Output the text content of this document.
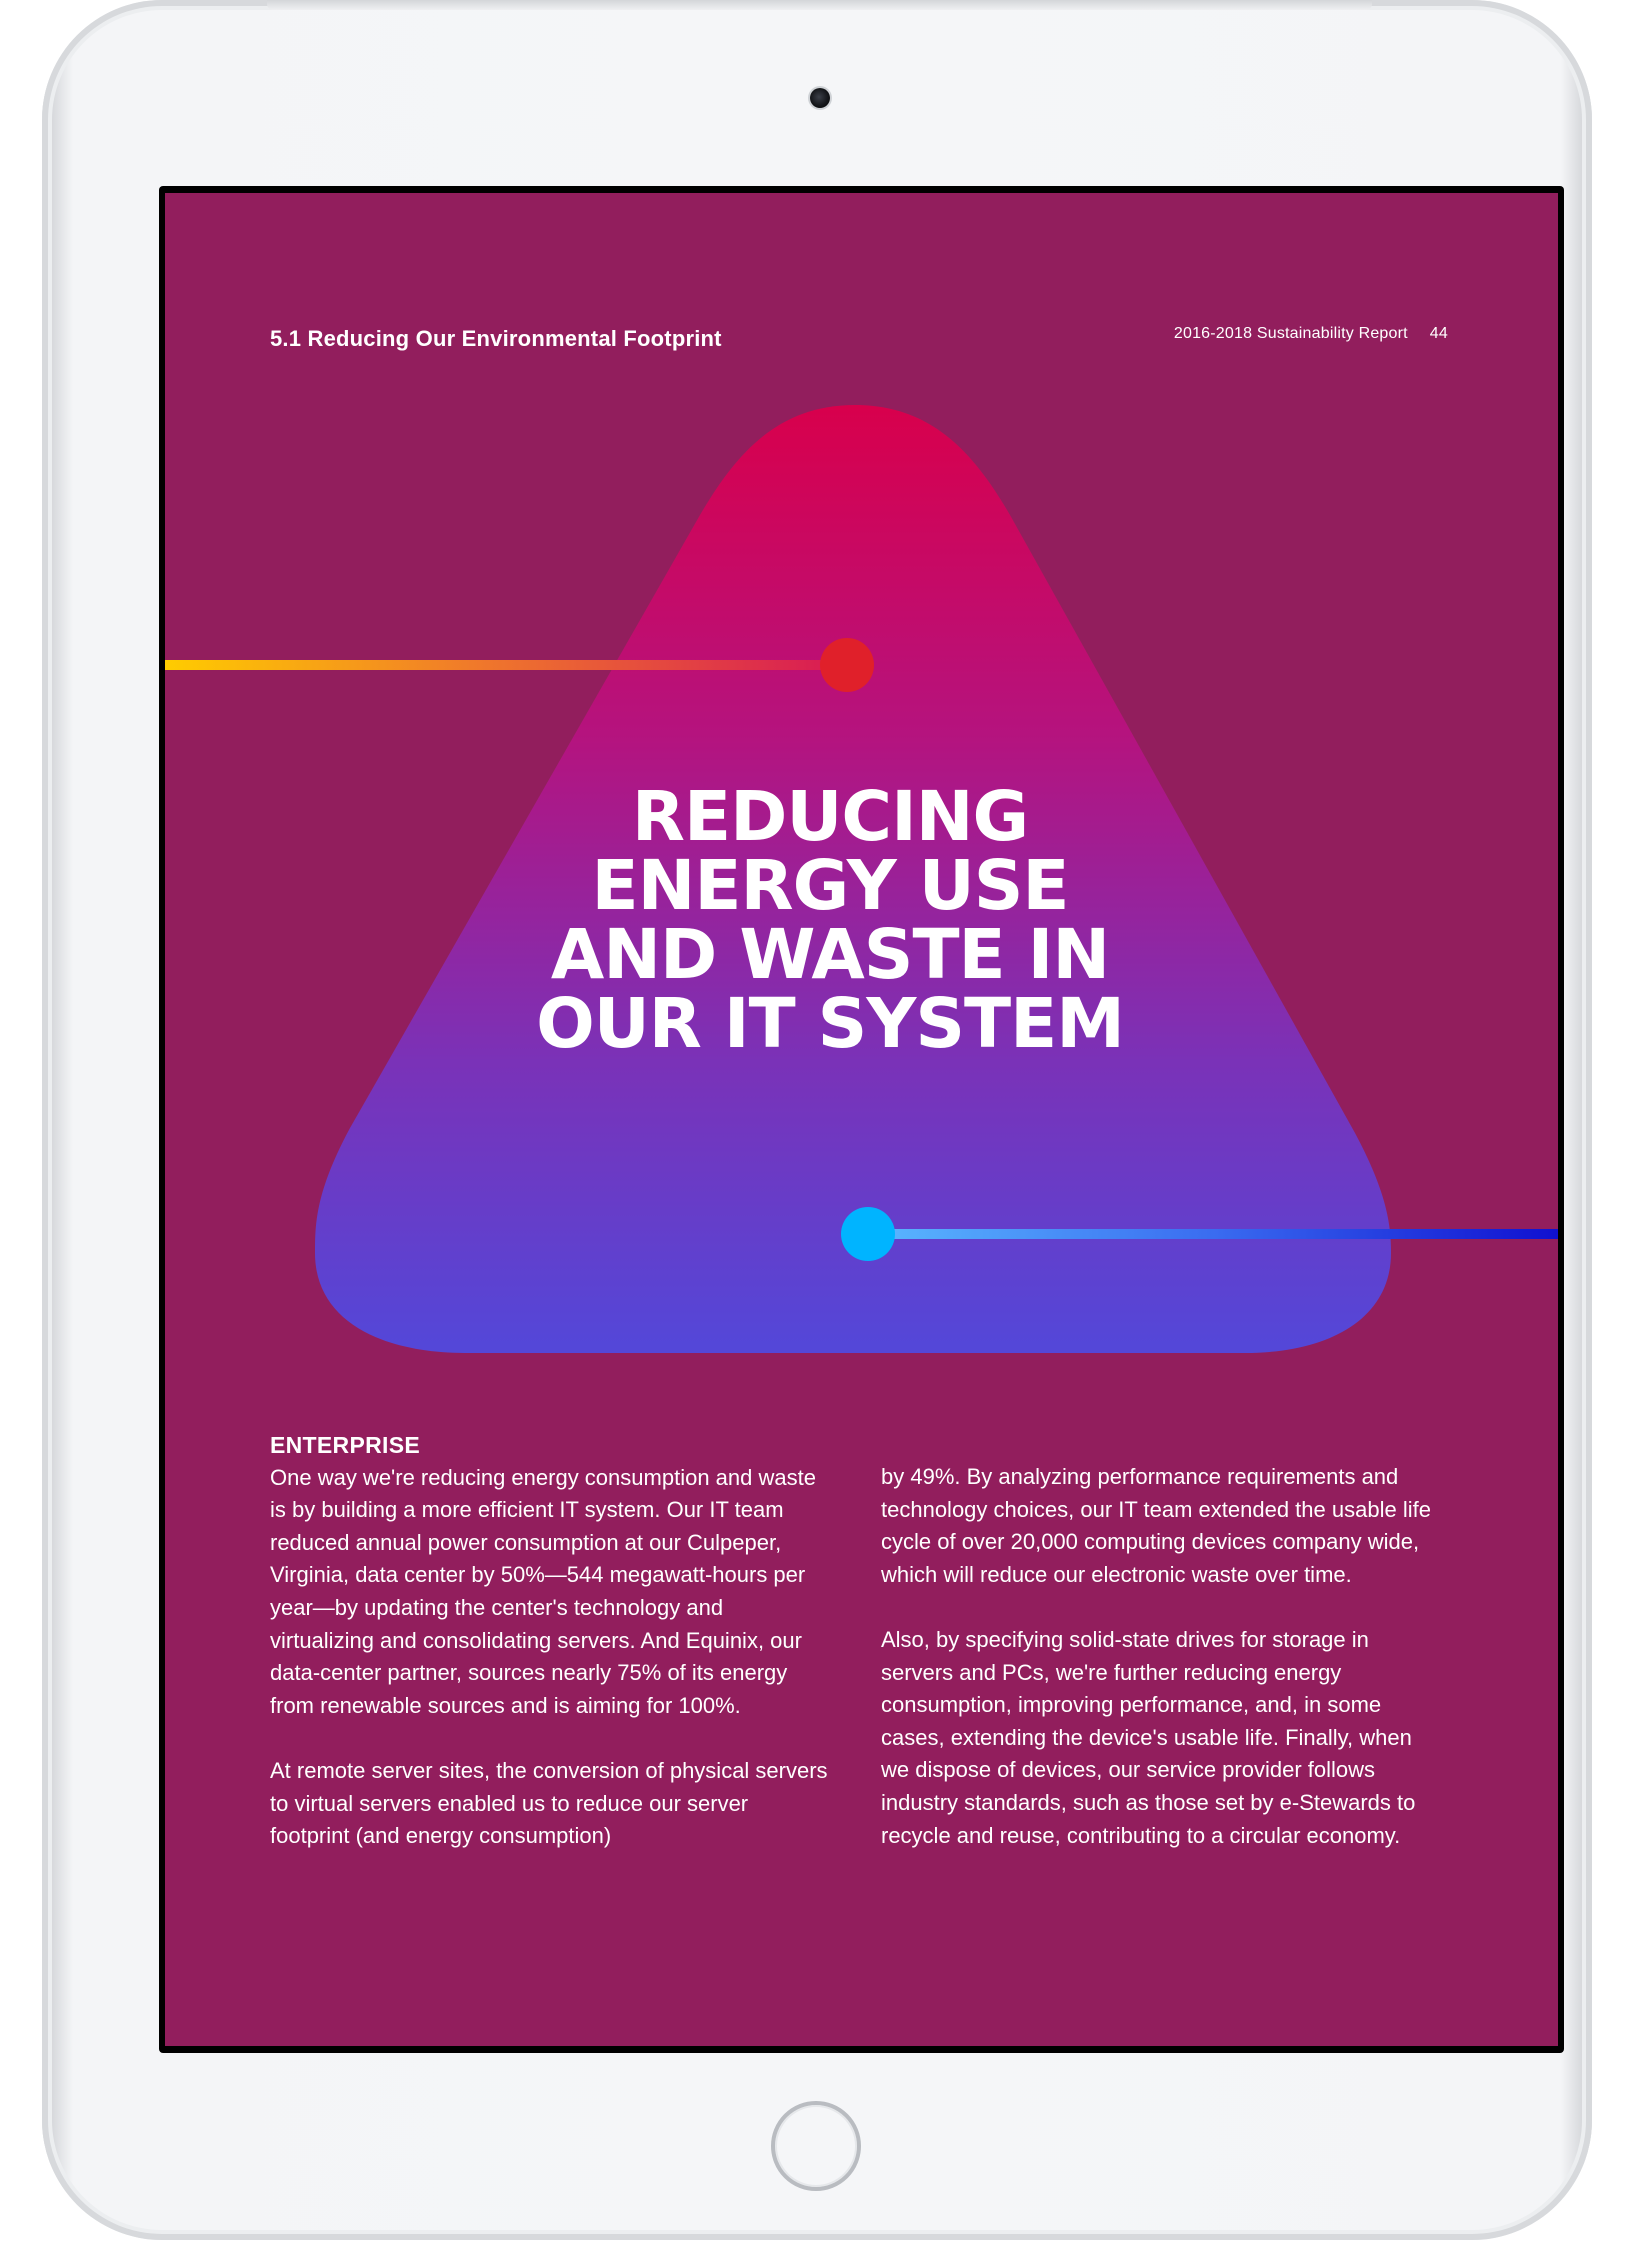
5.1 Reducing Our Environmental Footprint	2016-2018 Sustainability Report 44
REDUCING
ENERGY USE
AND WASTE IN
OUR IT SYSTEM
ENTERPRISE

One way we're reducing energy consumption and waste is by building a more efficient IT system. Our IT team reduced annual power consumption at our Culpeper, Virginia, data center by 50%—544 megawatt-hours per year—by updating the center's technology and virtualizing and consolidating servers. And Equinix, our data-center partner, sources nearly 75% of its energy from renewable sources and is aiming for 100%.

At remote server sites, the conversion of physical servers to virtual servers enabled us to reduce our server footprint (and energy consumption)

by 49%. By analyzing performance requirements and technology choices, our IT team extended the usable life cycle of over 20,000 computing devices company wide, which will reduce our electronic waste over time.

Also, by specifying solid-state drives for storage in servers and PCs, we're further reducing energy consumption, improving performance, and, in some cases, extending the device's usable life. Finally, when we dispose of devices, our service provider follows industry standards, such as those set by e-Stewards to recycle and reuse, contributing to a circular economy.
